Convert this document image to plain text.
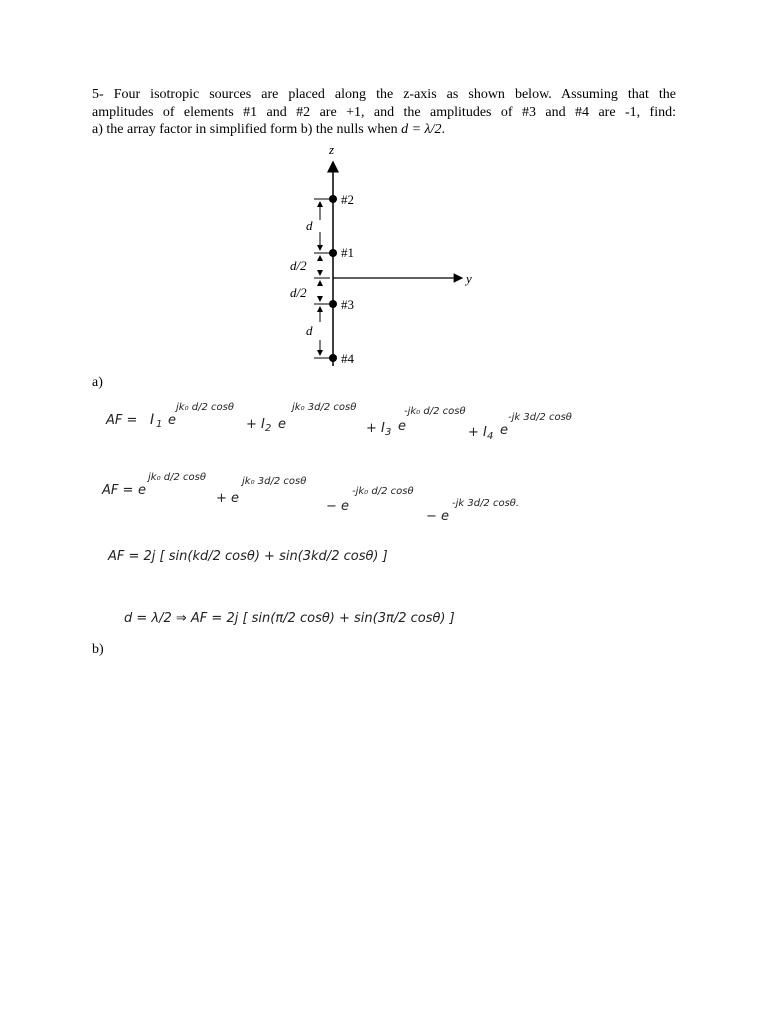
5- Four isotropic sources are placed along the z-axis as shown below. Assuming that the

amplitudes of elements #1 and #2 are +1, and the amplitudes of #3 and #4 are -1, find:

a) the array factor in simplified form b) the nulls when d = λ/2.

z
y
#2
#1
#3
#4
d
d/2
d/2
d
a)
AF = I 1 e
jk₀ d/2 cosθ
+ I 2 e
jk₀ 3d/2 cosθ
+ I 3 e
-jk₀ d/2 cosθ
+ I 4 e
-jk 3d/2 cosθ
AF = e
jk₀ d/2 cosθ
+ e
jk₀ 3d/2 cosθ
− e
-jk₀ d/2 cosθ
− e
-jk 3d/2 cosθ.
AF = 2j [ sin(kd/2 cosθ) + sin(3kd/2 cosθ) ]
d = λ/2 ⇒ AF = 2j [ sin(π/2 cosθ) + sin(3π/2 cosθ) ]
b)
